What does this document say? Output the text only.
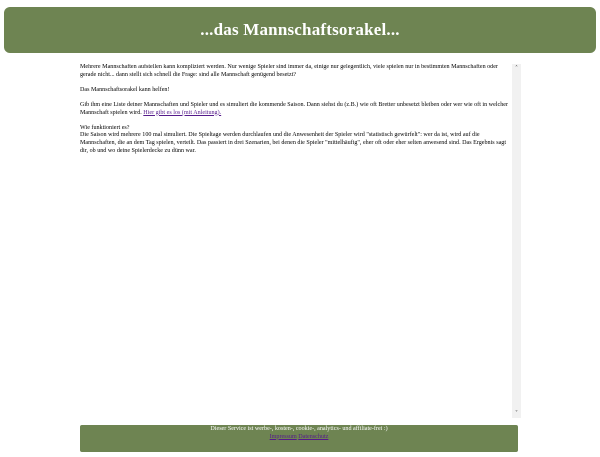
...das Mannschaftsorakel...

Mehrere Mannschaften aufstellen kann kompliziert werden. Nur wenige Spieler sind immer da, einige nur gelegentlich, viele spielen nur in bestimmten Mannschaften oder gerade nicht... dann stellt sich schnell die Frage: sind alle Mannschaft genügend besetzt?

Das Mannschaftsorakel kann helfen!

Gib ihm eine Liste deiner Mannschaften und Spieler und es simuliert die kommende Saison. Dann siehst du (z.B.) wie oft Bretter unbesetzt bleiben oder wer wie oft in welcher Mannschaft spielen wird. Hier gibt es los (mit Anleitung).

Wie funktioniert es?
Die Saison wird mehrere 100 mal simuliert. Die Spieltage werden durchlaufen und die Anwesenheit der Spieler wird "statistisch gewürfelt": wer da ist, wird auf die Mannschaften, die an dem Tag spielen, verteilt. Das passiert in drei Szenarien, bei denen die Spieler "mittelhäufig", eher oft oder eher selten anwesend sind. Das Ergebnis sagt dir, ob und wo deine Spielerdecke zu dünn war.

˄
˅
Dieser Service ist werbe-, kosten-, cookie-, analytics- und affiliate-frei :)
Impressum Datenschutz
